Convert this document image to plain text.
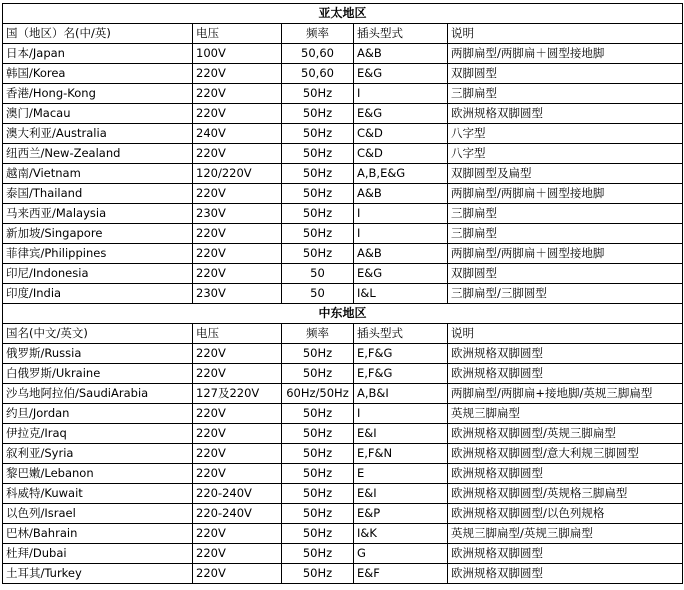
亚太地区				
国（地区）名(中/英)	电压	频率	插头型式	说明
日本/Japan	100V	50,60	A&B	两脚扁型/两脚扁＋圆型接地脚
韩国/Korea	220V	50,60	E&G	双脚圆型
香港/Hong-Kong	220V	50Hz	I	三脚扁型
澳门/Macau	220V	50Hz	E&G	欧洲规格双脚圆型
澳大利亚/Australia	240V	50Hz	C&D	八字型
纽西兰/New-Zealand	220V	50Hz	C&D	八字型
越南/Vietnam	120/220V	50Hz	A,B,E&G	双脚圆型及扁型
泰国/Thailand	220V	50Hz	A&B	两脚扁型/两脚扁＋圆型接地脚
马来西亚/Malaysia	230V	50Hz	I	三脚扁型
新加坡/Singapore	220V	50Hz	I	三脚扁型
菲律宾/Philippines	220V	50Hz	A&B	两脚扁型/两脚扁＋圆型接地脚
印尼/Indonesia	220V	50	E&G	双脚圆型
印度/India	230V	50	I&L	三脚扁型/三脚圆型
中东地区				
国名(中文/英文)	电压	频率	插头型式	说明
俄罗斯/Russia	220V	50Hz	E,F&G	欧洲规格双脚圆型
白俄罗斯/Ukraine	220V	50Hz	E,F&G	欧洲规格双脚圆型
沙乌地阿拉伯/SaudiArabia	127及220V	60Hz/50Hz	A,B&I	两脚扁型/两脚扁+接地脚/英规三脚扁型
约旦/Jordan	220V	50Hz	I	英规三脚扁型
伊拉克/Iraq	220V	50Hz	E&I	欧洲规格双脚圆型/英规三脚扁型
叙利亚/Syria	220V	50Hz	E,F&N	欧洲规格双脚圆型/意大利规三脚圆型
黎巴嫩/Lebanon	220V	50Hz	E	欧洲规格双脚圆型
科威特/Kuwait	220-240V	50Hz	E&I	欧洲规格双脚圆型/英规格三脚扁型
以色列/Israel	220-240V	50Hz	E&P	欧洲规格双脚圆型/以色列规格
巴林/Bahrain	220V	50Hz	I&K	英规三脚扁型/英规三脚扁型
杜拜/Dubai	220V	50Hz	G	欧洲规格双脚圆型
土耳其/Turkey	220V	50Hz	E&F	欧洲规格双脚圆型
